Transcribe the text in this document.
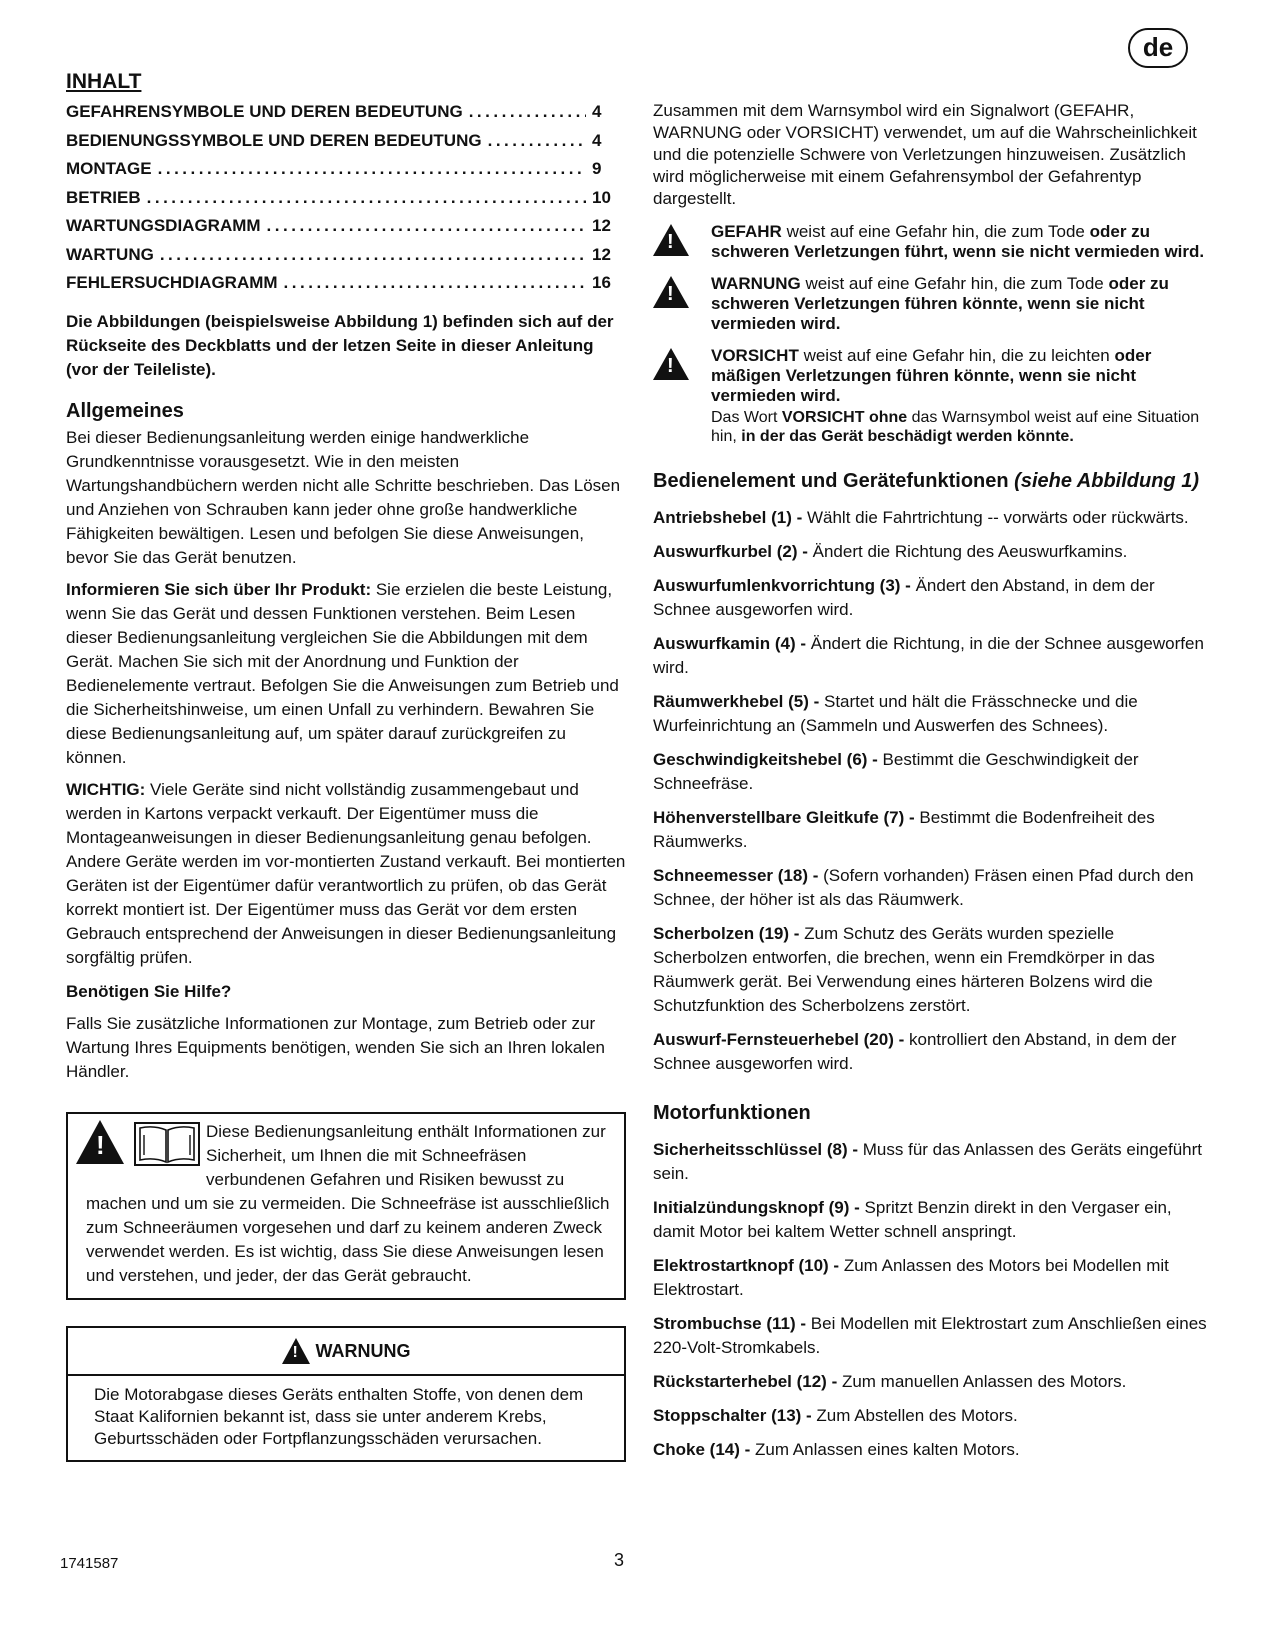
de
INHALT
GEFAHRENSYMBOLE UND DEREN BEDEUTUNG .....	4
BEDIENUNGSSYMBOLE UND DEREN BEDEUTUNG .....	4
MONTAGE .....	9
BETRIEB .....	10
WARTUNGSDIAGRAMM .....	12
WARTUNG .....	12
FEHLERSUCHDIAGRAMM .....	16

Die Abbildungen (beispielsweise Abbildung 1) befinden sich auf der Rückseite des Deckblatts und der letzen Seite in dieser Anleitung (vor der Teileliste).

Allgemeines

Bei dieser Bedienungsanleitung werden einige handwerkliche Grundkenntnisse vorausgesetzt. Wie in den meisten Wartungshandbüchern werden nicht alle Schritte beschrieben. Das Lösen und Anziehen von Schrauben kann jeder ohne große handwerkliche Fähigkeiten bewältigen. Lesen und befolgen Sie diese Anweisungen, bevor Sie das Gerät benutzen.

Informieren Sie sich über Ihr Produkt: Sie erzielen die beste Leistung, wenn Sie das Gerät und dessen Funktionen verstehen. Beim Lesen dieser Bedienungsanleitung vergleichen Sie die Abbildungen mit dem Gerät. Machen Sie sich mit der Anordnung und Funktion der Bedienelemente vertraut. Befolgen Sie die Anweisungen zum Betrieb und die Sicherheitshinweise, um einen Unfall zu verhindern. Bewahren Sie diese Bedienungsanleitung auf, um später darauf zurückgreifen zu können.

WICHTIG: Viele Geräte sind nicht vollständig zusammengebaut und werden in Kartons verpackt verkauft. Der Eigentümer muss die Montageanweisungen in dieser Bedienungsanleitung genau befolgen. Andere Geräte werden im vor-montierten Zustand verkauft. Bei montierten Geräten ist der Eigentümer dafür verantwortlich zu prüfen, ob das Gerät korrekt montiert ist. Der Eigentümer muss das Gerät vor dem ersten Gebrauch entsprechend der Anweisungen in dieser Bedienungsanleitung sorgfältig prüfen.

Benötigen Sie Hilfe?

Falls Sie zusätzliche Informationen zur Montage, zum Betrieb oder zur Wartung Ihres Equipments benötigen, wenden Sie sich an Ihren lokalen Händler.

!
Diese Bedienungsanleitung enthält Informationen zur Sicherheit, um Ihnen die mit Schneefräsen verbundenen Gefahren und Risiken bewusst zu machen und um sie zu vermeiden. Die Schneefräse ist ausschließlich zum Schneeräumen vorgesehen und darf zu keinem anderen Zweck verwendet werden. Es ist wichtig, dass Sie diese Anweisungen lesen und verstehen, und jeder, der das Gerät gebraucht.
!
WARNUNG
Die Motorabgase dieses Geräts enthalten Stoffe, von denen dem Staat Kalifornien bekannt ist, dass sie unter anderem Krebs, Geburtsschäden oder Fortpflanzungsschäden verursachen.

Zusammen mit dem Warnsymbol wird ein Signalwort (GEFAHR, WARNUNG oder VORSICHT) verwendet, um auf die Wahrscheinlichkeit und die potenzielle Schwere von Verletzungen hinzuweisen. Zusätzlich wird möglicherweise mit einem Gefahrensymbol der Gefahrentyp dargestellt.

!
GEFAHR weist auf eine Gefahr hin, die zum Tode oder zu schweren Verletzungen führt, wenn sie nicht vermieden wird.
!
WARNUNG weist auf eine Gefahr hin, die zum Tode oder zu schweren Verletzungen führen könnte, wenn sie nicht vermieden wird.
!
VORSICHT weist auf eine Gefahr hin, die zu leichten oder mäßigen Verletzungen führen könnte, wenn sie nicht vermieden wird.
Das Wort VORSICHT ohne das Warnsymbol weist auf eine Situation hin, in der das Gerät beschädigt werden könnte.
Bedienelement und Gerätefunktionen (siehe Abbildung 1)

Antriebshebel (1) - Wählt die Fahrtrichtung -- vorwärts oder rückwärts.

Auswurfkurbel (2) - Ändert die Richtung des Aeuswurfkamins.

Auswurfumlenkvorrichtung (3) - Ändert den Abstand, in dem der Schnee ausgeworfen wird.

Auswurfkamin (4) - Ändert die Richtung, in die der Schnee ausgeworfen wird.

Räumwerkhebel (5) - Startet und hält die Frässchnecke und die Wurfeinrichtung an (Sammeln und Auswerfen des Schnees).

Geschwindigkeitshebel (6) - Bestimmt die Geschwindigkeit der Schneefräse.

Höhenverstellbare Gleitkufe (7) - Bestimmt die Bodenfreiheit des Räumwerks.

Schneemesser (18) - (Sofern vorhanden) Fräsen einen Pfad durch den Schnee, der höher ist als das Räumwerk.

Scherbolzen (19) - Zum Schutz des Geräts wurden spezielle Scherbolzen entworfen, die brechen, wenn ein Fremdkörper in das Räumwerk gerät. Bei Verwendung eines härteren Bolzens wird die Schutzfunktion des Scherbolzens zerstört.

Auswurf-Fernsteuerhebel (20) - kontrolliert den Abstand, in dem der Schnee ausgeworfen wird.

Motorfunktionen

Sicherheitsschlüssel (8) - Muss für das Anlassen des Geräts eingeführt sein.

Initialzündungsknopf (9) - Spritzt Benzin direkt in den Vergaser ein, damit Motor bei kaltem Wetter schnell anspringt.

Elektrostartknopf (10) - Zum Anlassen des Motors bei Modellen mit Elektrostart.

Strombuchse (11) - Bei Modellen mit Elektrostart zum Anschließen eines 220-Volt-Stromkabels.

Rückstarterhebel (12) - Zum manuellen Anlassen des Motors.

Stoppschalter (13) - Zum Abstellen des Motors.

Choke (14) - Zum Anlassen eines kalten Motors.

1741587	3
